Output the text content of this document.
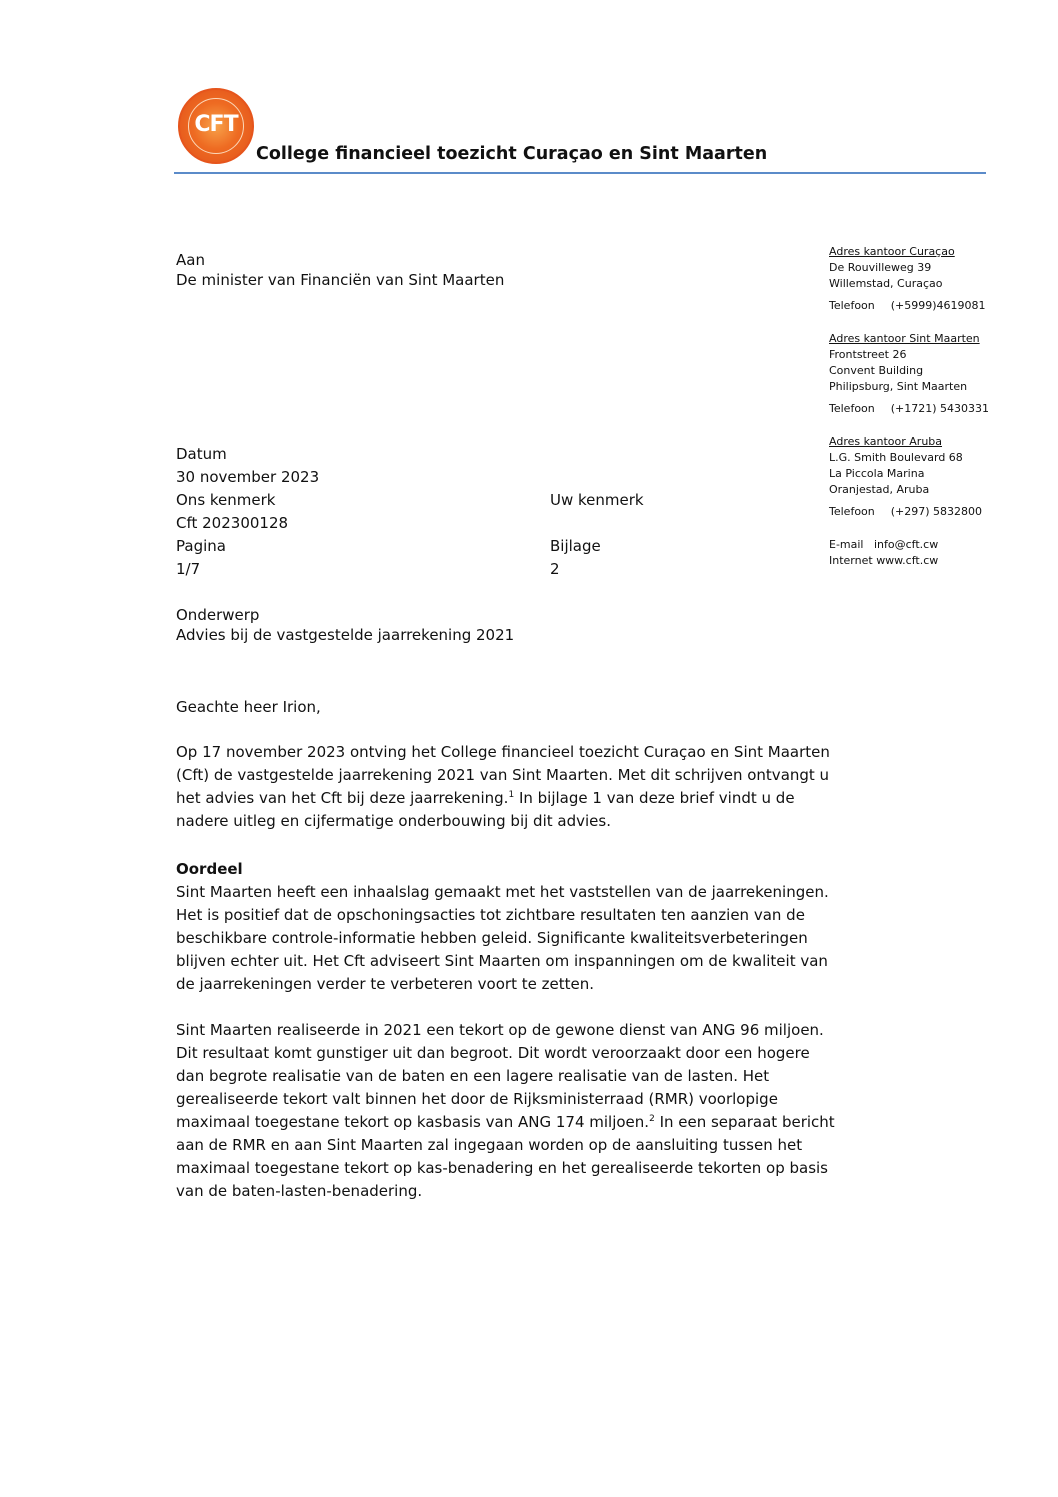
CFT
College financieel toezicht Curaçao en Sint Maarten
Aan
De minister van Financiën van Sint Maarten
Adres kantoor Curaçao
De Rouvilleweg 39
Willemstad, Curaçao
Telefoon (+5999)4619081
Adres kantoor Sint Maarten
Frontstreet 26
Convent Building
Philipsburg, Sint Maarten
Telefoon (+1721) 5430331
Adres kantoor Aruba
L.G. Smith Boulevard 68
La Piccola Marina
Oranjestad, Aruba
Telefoon (+297) 5832800
E-mail info@cft.cw
Internet www.cft.cw
Datum
30 november 2023
Ons kenmerk	Uw kenmerk
Cft 202300128
Pagina	Bijlage
1/7	2
Onderwerp
Advies bij de vastgestelde jaarrekening 2021
Geachte heer Irion,

Op 17 november 2023 ontving het College financieel toezicht Curaçao en Sint Maarten

(Cft) de vastgestelde jaarrekening 2021 van Sint Maarten. Met dit schrijven ontvangt u

het advies van het Cft bij deze jaarrekening.$^1$ In bijlage 1 van deze brief vindt u de

nadere uitleg en cijfermatige onderbouwing bij dit advies.

Oordeel

Sint Maarten heeft een inhaalslag gemaakt met het vaststellen van de jaarrekeningen.

Het is positief dat de opschoningsacties tot zichtbare resultaten ten aanzien van de

beschikbare controle-informatie hebben geleid. Significante kwaliteitsverbeteringen

blijven echter uit. Het Cft adviseert Sint Maarten om inspanningen om de kwaliteit van

de jaarrekeningen verder te verbeteren voort te zetten.

Sint Maarten realiseerde in 2021 een tekort op de gewone dienst van ANG 96 miljoen.

Dit resultaat komt gunstiger uit dan begroot. Dit wordt veroorzaakt door een hogere

dan begrote realisatie van de baten en een lagere realisatie van de lasten. Het

gerealiseerde tekort valt binnen het door de Rijksministerraad (RMR) voorlopige

maximaal toegestane tekort op kasbasis van ANG 174 miljoen.$^2$ In een separaat bericht

aan de RMR en aan Sint Maarten zal ingegaan worden op de aansluiting tussen het

maximaal toegestane tekort op kas-benadering en het gerealiseerde tekorten op basis

van de baten-lasten-benadering.
